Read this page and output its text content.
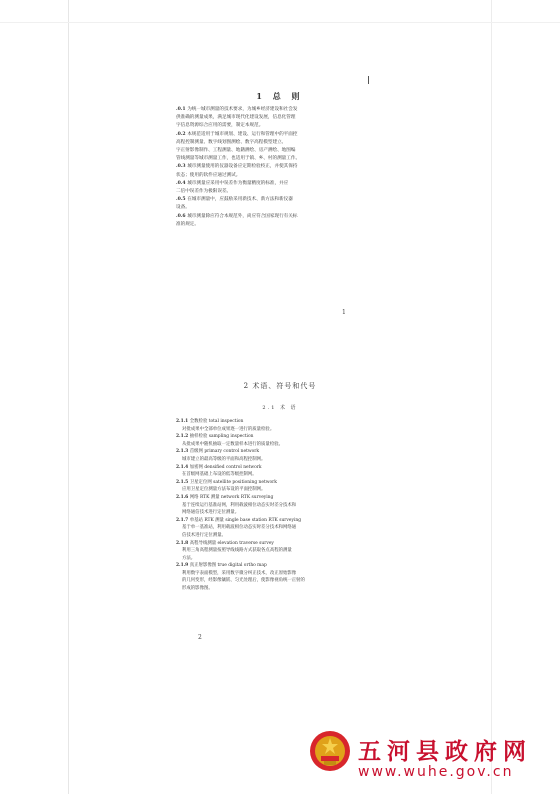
1 总 则

.0.1 为统一城市测量的技术要求，为城乡经济建设和社会发

供准确的测量成果，满足城市现代化建设发展，信息化管理

字信息资源综合应用的需要，制定本规范。

.0.2 本规范适用于城市规划、建设、运行和管理中的平面控

高程控制测量、数字线划图测绘、数字高程模型建立、

字正射影像制作、工程测量、地籍测绘、房产测绘、地图编

管线测量等城市测量工作，也适用于镇、乡、村的测量工作。

.0.3 城市测量使用的仪器设备应定期检验校正，并使其保持

状态；使用的软件应通过测试。

.0.4 城市测量应采用中误差作为衡量精度的标准，并应

二倍中误差作为极限误差。

.0.5 在城市测量中，应鼓励采用新技术、新方法和新仪器

设备。

.0.6 城市测量除应符合本规范外，尚应符合国家现行有关标

准的规定。

1
2 术语、符号和代号
2.1 术 语
2.1.1 全数检验 total inspection
对批成果中全部单位成果逐一进行的质量检验。
2.1.2 抽样检验 sampling inspection
从批成果中随机抽取一定数量样本进行的质量检验。
2.1.3 首级网 primary control network
城市建立的最高等级的平面和高程控制网。
2.1.4 加密网 densified control network
在首级网基础上布设的低等级控制网。
2.1.5 卫星定位网 satellite positioning network
应用卫星定位测量方法布设的平面控制网。
2.1.6 网络 RTK 测量 network RTK surveying
基于连续运行基准站网，利用载波相位动态实时差分技术和
网络通信技术进行定位测量。
2.1.7 单基站 RTK 测量 single base station RTK surveying
基于单一基准站，利用载波相位动态实时差分技术和网络通
信技术进行定位测量。
2.1.8 高程导线测量 elevation traverse survey
利用三角高程测量按照导线线路方式获取各点高程的测量
方法。
2.1.9 真正射影像图 true digital ortho map
利用数字表面模型，采用数字微分纠正技术，改正原始影像
的几何变形，经影像镶嵌、匀光处理后，使影像视角统一正射的
形成的影像图。
2
五河县政府网
www.wuhe.gov.cn
